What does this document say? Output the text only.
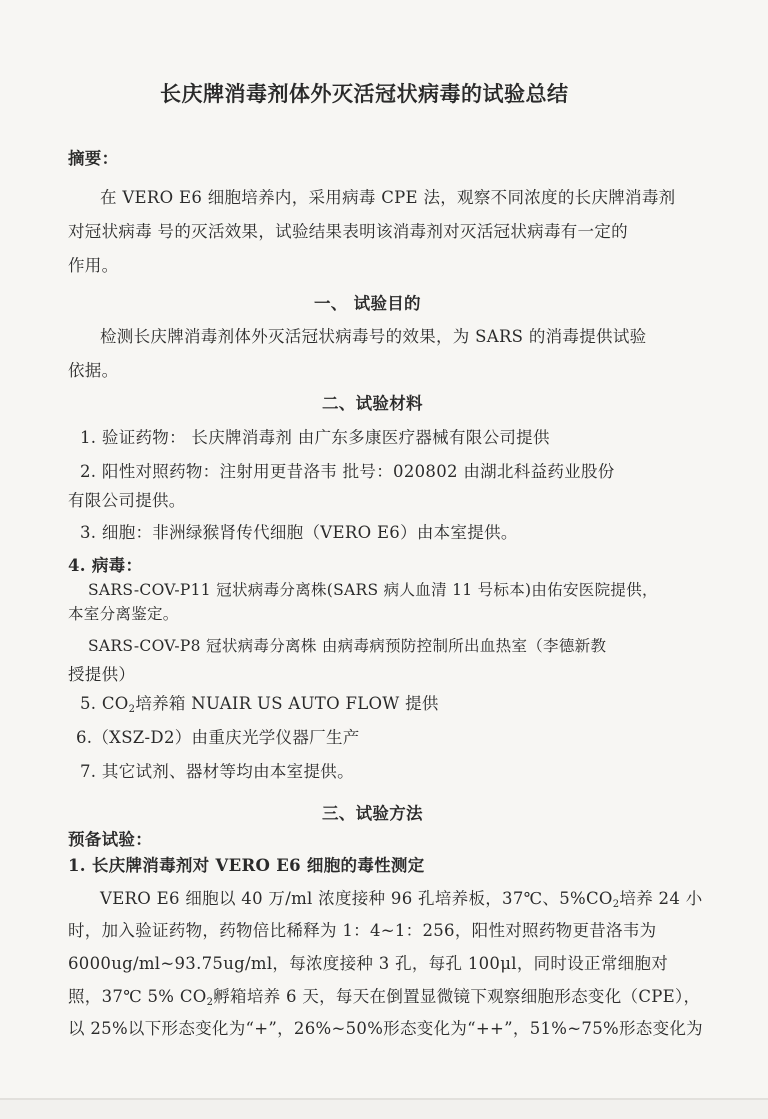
长庆牌消毒剂体外灭活冠状病毒的试验总结
摘要：
在 VERO E6 细胞培养内，采用病毒 CPE 法，观察不同浓度的长庆牌消毒剂
对冠状病毒 号的灭活效果，试验结果表明该消毒剂对灭活冠状病毒有一定的
作用。
一、 试验目的
检测长庆牌消毒剂体外灭活冠状病毒号的效果，为 SARS 的消毒提供试验
依据。
二、试验材料
1. 验证药物： 长庆牌消毒剂 由广东多康医疗器械有限公司提供
2. 阳性对照药物：注射用更昔洛韦 批号：020802 由湖北科益药业股份
有限公司提供。
3. 细胞：非洲绿猴肾传代细胞（VERO E6）由本室提供。
4. 病毒：
SARS-COV-P11 冠状病毒分离株(SARS 病人血清 11 号标本)由佑安医院提供，
本室分离鉴定。
SARS-COV-P8 冠状病毒分离株 由病毒病预防控制所出血热室（李德新教
授提供）
5. $CO_2$培养箱 NUAIR US AUTO FLOW 提供
6.（XSZ-D2）由重庆光学仪器厂生产
7. 其它试剂、器材等均由本室提供。
三、试验方法
预备试验：
1. 长庆牌消毒剂对 VERO E6 细胞的毒性测定
VERO E6 细胞以 40 万/ml 浓度接种 96 孔培养板，37℃、$5\%CO_2$培养 24 小
时，加入验证药物，药物倍比稀释为 1：4~1：256，阳性对照药物更昔洛韦为
6000ug/ml~93.75ug/ml，每浓度接种 3 孔，每孔 100μl，同时设正常细胞对
照，37℃ 5% $CO_2$孵箱培养 6 天，每天在倒置显微镜下观察细胞形态变化（CPE），
以 25%以下形态变化为“+”，26%~50%形态变化为“++”，51%~75%形态变化为
